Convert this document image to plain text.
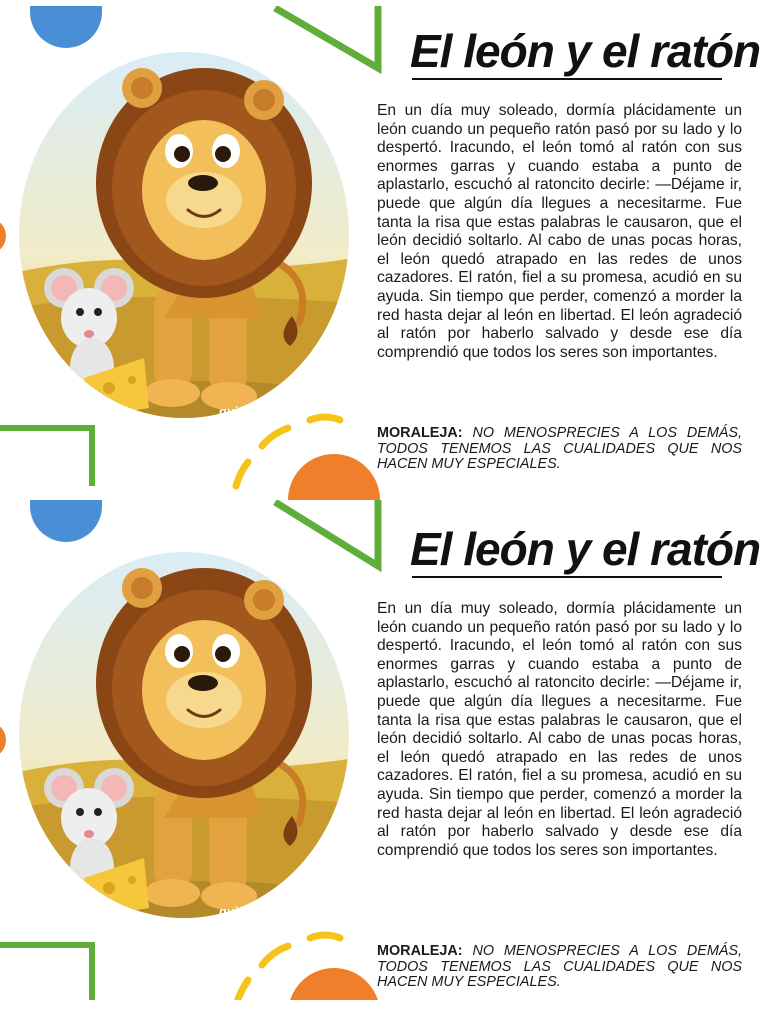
guia
El león y el ratón

En un día muy soleado, dormía plácidamente un león cuando un pequeño ratón pasó por su lado y lo despertó. Iracundo, el león tomó al ratón con sus enormes garras y cuando estaba a punto de aplastarlo, escuchó al ratoncito decirle: —Déjame ir, puede que algún día llegues a necesitarme. Fue tanta la risa que estas palabras le causaron, que el león decidió soltarlo. Al cabo de unas pocas horas, el león quedó atrapado en las redes de unos cazadores. El ratón, fiel a su promesa, acudió en su ayuda. Sin tiempo que perder, comenzó a morder la red hasta dejar al león en libertad. El león agradeció al ratón por haberlo salvado y desde ese día comprendió que todos los seres son importantes.

MORALEJA: NO MENOSPRECIES A LOS DEMÁS, TODOS TENEMOS LAS CUALIDADES QUE NOS HACEN MUY ESPECIALES.

guia
El león y el ratón

En un día muy soleado, dormía plácidamente un león cuando un pequeño ratón pasó por su lado y lo despertó. Iracundo, el león tomó al ratón con sus enormes garras y cuando estaba a punto de aplastarlo, escuchó al ratoncito decirle: —Déjame ir, puede que algún día llegues a necesitarme. Fue tanta la risa que estas palabras le causaron, que el león decidió soltarlo. Al cabo de unas pocas horas, el león quedó atrapado en las redes de unos cazadores. El ratón, fiel a su promesa, acudió en su ayuda. Sin tiempo que perder, comenzó a morder la red hasta dejar al león en libertad. El león agradeció al ratón por haberlo salvado y desde ese día comprendió que todos los seres son importantes.

MORALEJA: NO MENOSPRECIES A LOS DEMÁS, TODOS TENEMOS LAS CUALIDADES QUE NOS HACEN MUY ESPECIALES.
